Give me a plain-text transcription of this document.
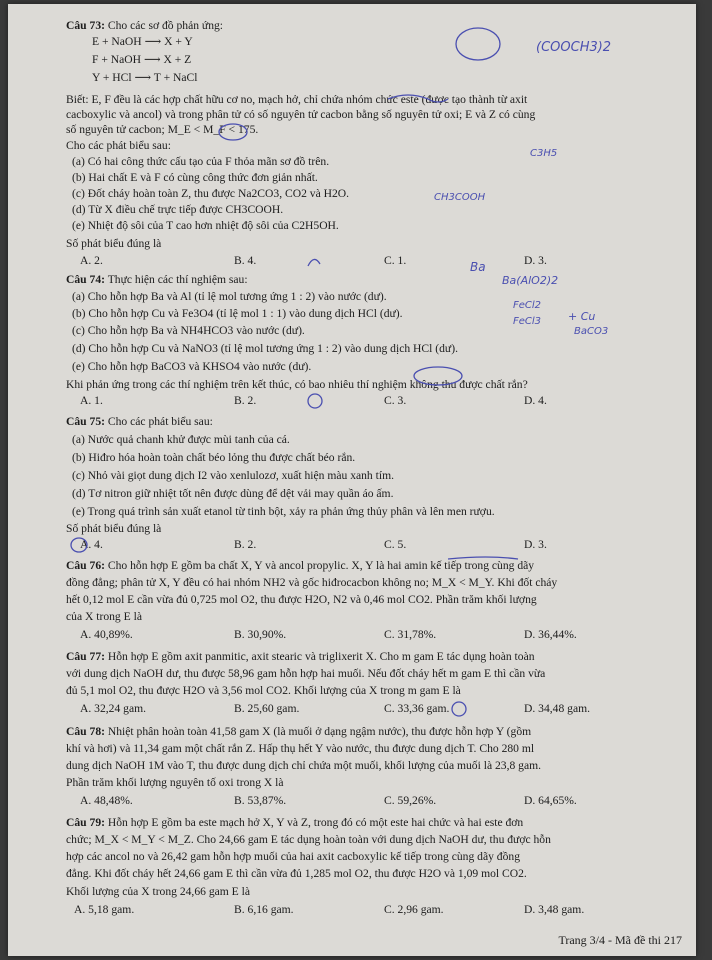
Câu 73: Cho các sơ đồ phản ứng:
E + NaOH ⟶ X + Y
F + NaOH ⟶ X + Z
Y + HCl ⟶ T + NaCl
Biết: E, F đều là các hợp chất hữu cơ no, mạch hở, chỉ chứa nhóm chức este (được tạo thành từ axit
cacboxylic và ancol) và trong phân tử có số nguyên tử cacbon bằng số nguyên tử oxi; E và Z có cùng
số nguyên tử cacbon; M_E < M_F < 175.
Cho các phát biểu sau:
(a) Có hai công thức cấu tạo của F thỏa mãn sơ đồ trên.
(b) Hai chất E và F có cùng công thức đơn giản nhất.
(c) Đốt cháy hoàn toàn Z, thu được Na2CO3, CO2 và H2O.
(d) Từ X điều chế trực tiếp được CH3COOH.
(e) Nhiệt độ sôi của T cao hơn nhiệt độ sôi của C2H5OH.
Số phát biểu đúng là
A. 2.	B. 4.	C. 1.	D. 3.
Câu 74: Thực hiện các thí nghiệm sau:
(a) Cho hỗn hợp Ba và Al (tỉ lệ mol tương ứng 1 : 2) vào nước (dư).
(b) Cho hỗn hợp Cu và Fe3O4 (tỉ lệ mol 1 : 1) vào dung dịch HCl (dư).
(c) Cho hỗn hợp Ba và NH4HCO3 vào nước (dư).
(d) Cho hỗn hợp Cu và NaNO3 (tỉ lệ mol tương ứng 1 : 2) vào dung dịch HCl (dư).
(e) Cho hỗn hợp BaCO3 và KHSO4 vào nước (dư).
Khi phản ứng trong các thí nghiệm trên kết thúc, có bao nhiêu thí nghiệm không thu được chất rắn?
A. 1.	B. 2.	C. 3.	D. 4.
Câu 75: Cho các phát biểu sau:
(a) Nước quả chanh khử được mùi tanh của cá.
(b) Hiđro hóa hoàn toàn chất béo lỏng thu được chất béo rắn.
(c) Nhỏ vài giọt dung dịch I2 vào xenlulozơ, xuất hiện màu xanh tím.
(d) Tơ nitron giữ nhiệt tốt nên được dùng để dệt vải may quần áo ấm.
(e) Trong quá trình sản xuất etanol từ tinh bột, xảy ra phản ứng thủy phân và lên men rượu.
Số phát biểu đúng là
A. 4.	B. 2.	C. 5.	D. 3.
Câu 76: Cho hỗn hợp E gồm ba chất X, Y và ancol propylic. X, Y là hai amin kế tiếp trong cùng dãy
đồng đẳng; phân tử X, Y đều có hai nhóm NH2 và gốc hiđrocacbon không no; M_X < M_Y. Khi đốt cháy
hết 0,12 mol E cần vừa đủ 0,725 mol O2, thu được H2O, N2 và 0,46 mol CO2. Phần trăm khối lượng
của X trong E là
A. 40,89%.	B. 30,90%.	C. 31,78%.	D. 36,44%.
Câu 77: Hỗn hợp E gồm axit panmitic, axit stearic và triglixerit X. Cho m gam E tác dụng hoàn toàn
với dung dịch NaOH dư, thu được 58,96 gam hỗn hợp hai muối. Nếu đốt cháy hết m gam E thì cần vừa
đủ 5,1 mol O2, thu được H2O và 3,56 mol CO2. Khối lượng của X trong m gam E là
A. 32,24 gam.	B. 25,60 gam.	C. 33,36 gam.	D. 34,48 gam.
Câu 78: Nhiệt phân hoàn toàn 41,58 gam X (là muối ở dạng ngậm nước), thu được hỗn hợp Y (gồm
khí và hơi) và 11,34 gam một chất rắn Z. Hấp thụ hết Y vào nước, thu được dung dịch T. Cho 280 ml
dung dịch NaOH 1M vào T, thu được dung dịch chỉ chứa một muối, khối lượng của muối là 23,8 gam.
Phần trăm khối lượng nguyên tố oxi trong X là
A. 48,48%.	B. 53,87%.	C. 59,26%.	D. 64,65%.
Câu 79: Hỗn hợp E gồm ba este mạch hở X, Y và Z, trong đó có một este hai chức và hai este đơn
chức; M_X < M_Y < M_Z. Cho 24,66 gam E tác dụng hoàn toàn với dung dịch NaOH dư, thu được hỗn
hợp các ancol no và 26,42 gam hỗn hợp muối của hai axit cacboxylic kế tiếp trong cùng dãy đồng
đẳng. Khi đốt cháy hết 24,66 gam E thì cần vừa đủ 1,285 mol O2, thu được H2O và 1,09 mol CO2.
Khối lượng của X trong 24,66 gam E là
A. 5,18 gam.	B. 6,16 gam.	C. 2,96 gam.	D. 3,48 gam.
(COOCH3)2
Ba
Ba(AlO2)2
FeCl2
FeCl3 + Cu
BaCO3
CH3COOH
C3H5
Trang 3/4 - Mã đề thi 217
